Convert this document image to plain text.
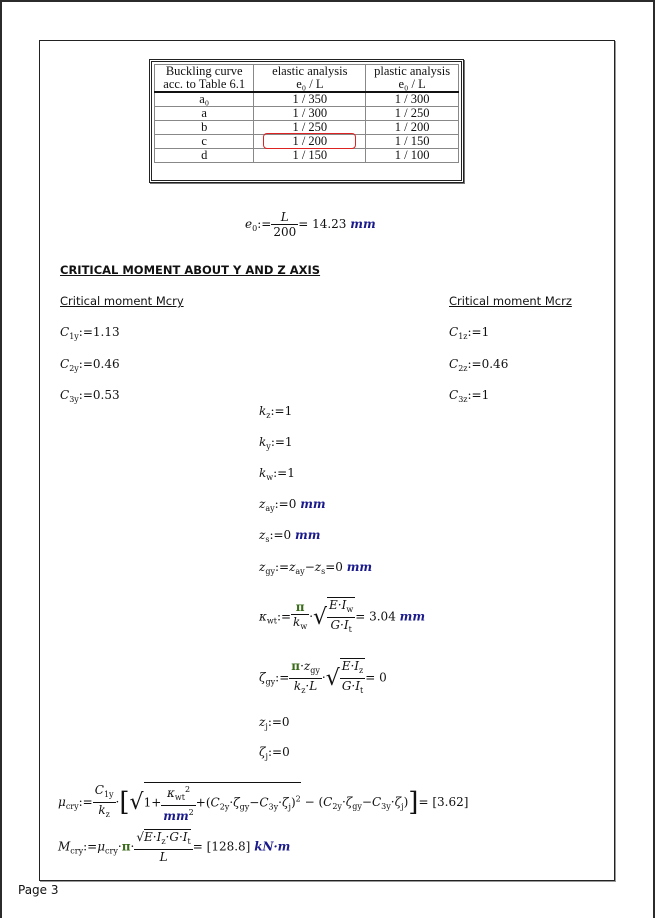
Buckling curve	elastic analysis	plastic analysis
acc. to Table 6.1	e₀ / L	e₀ / L
a₀	1 / 350	1 / 300
a	1 / 300	1 / 250
b	1 / 250	1 / 200
c	1 / 200	1 / 150
d	1 / 150	1 / 100
$e_0:= \frac{L}{200} = 14.23$ mm
CRITICAL MOMENT ABOUT Y AND Z AXIS
Critical moment Mcry	Critical moment Mcrz
$C_{1y}:=1.13$
$C_{2y}:=0.46$
$C_{3y}:=0.53$
$C_{1z}:=1$
$C_{2z}:=0.46$
$C_{3z}:=1$
$k_z:=1$
$k_y:=1$
$k_w:=1$
$z_{ay}:=0$ mm
$z_s:=0$ mm
$z_{gy}:=z_{ay}-z_s=0$ mm
$\kappa_{wt}:= \frac{\pi}{k_w}$ ·√ $\frac{E\cdot I_w}{G\cdot I_t} = 3.04$ mm
$\zeta_{gy}:= \frac{\pi\cdot z_{gy}}{k_z\cdot L}$ ·√ $\frac{E\cdot I_z}{G\cdot I_t} = 0$
$z_j:=0$
$\zeta_j:=0$
$\mu_{cry}:= \frac{C_{1y}}{k_z} \cdot[√1+ \frac{\kappa_{wt}^2}{mm^2} +(C_{2y}\cdot\zeta_{gy}-C_{3y}\cdot\zeta_j)^2 - (C_{2y}\cdot\zeta_{gy}-C_{3y}\cdot\zeta_j)]= [3.62]$
$M_{cry}:=\mu_{cry}\cdot\pi\cdot \frac{√E\cdot I_z\cdot G\cdot I_t}{L} = [128.8]$ kN·m
Page 3
